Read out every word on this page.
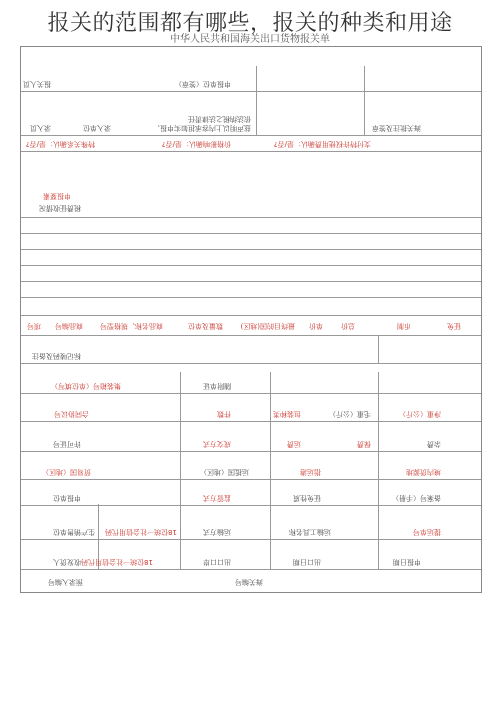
报关的范围都有哪些，报关的种类和用途
中华人民共和国海关出口货物报关单
预录入编号	海关编号
收发货人 18位统一社会信用代码	出口口岸	出口日期	申报日期
生产销售单位 18位统一社会信用代码	运输方式	运输工具名称	提运单号
申报单位	监管方式	征免性质	备案号（手册）
贸易国（地区）	运抵国（地区）	指运港	境内货源地
许可证号	成交方式	运费	保费	杂费
合同协议号	件数	包装种类	毛重（公斤）	净重（公斤）
集装箱号（单位填写）	随附单证
标记唛码及备注
项号 商品编号 商品名称、规格型号	数量及单位	最终目的国(地区) 单价	总价	币制	征免
税费征收情况
申报要素
特殊关系确认：是/否?	价格影响确认：是/否?	支付特许权使用费确认：是/否?
录入员	录入单位	兹声明以上内容承担如实申报、依法纳税之法律责任
海关批注及签章
报关人员	申报单位（签章）
